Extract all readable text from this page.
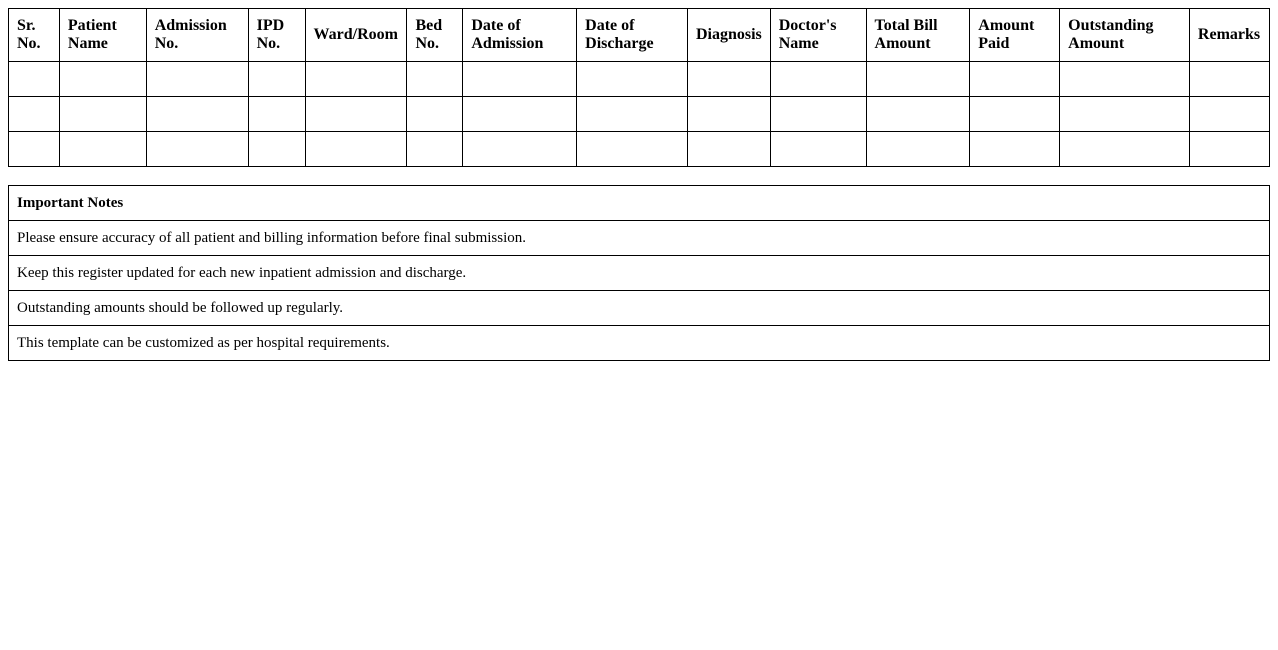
Sr. No.	Patient Name	Admission No.	IPD No.	Ward/Room	Bed No.	Date of Admission	Date of Discharge	Diagnosis	Doctor's Name	Total Bill Amount	Amount Paid	Outstanding Amount	Remarks

Important Notes
Please ensure accuracy of all patient and billing information before final submission.
Keep this register updated for each new inpatient admission and discharge.
Outstanding amounts should be followed up regularly.
This template can be customized as per hospital requirements.
